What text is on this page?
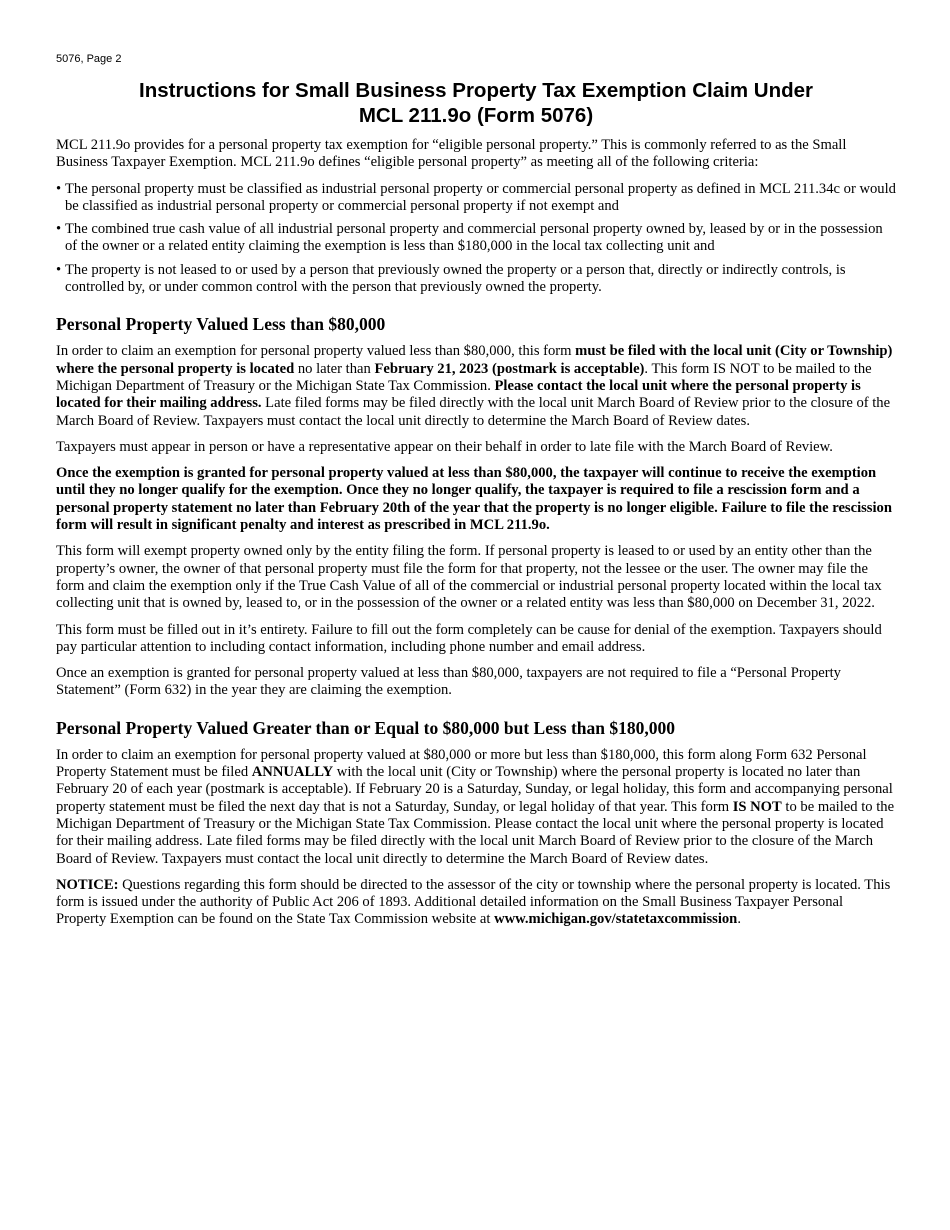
5076, Page 2

Instructions for Small Business Property Tax Exemption Claim Under
MCL 211.9o (Form 5076)

MCL 211.9o provides for a personal property tax exemption for “eligible personal property.” This is commonly referred to as the Small Business Taxpayer Exemption. MCL 211.9o defines “eligible personal property” as meeting all of the following criteria:

• The personal property must be classified as industrial personal property or commercial personal property as defined in MCL 211.34c or would be classified as industrial personal property or commercial personal property if not exempt and
• The combined true cash value of all industrial personal property and commercial personal property owned by, leased by or in the possession of the owner or a related entity claiming the exemption is less than $180,000 in the local tax collecting unit and
• The property is not leased to or used by a person that previously owned the property or a person that, directly or indirectly controls, is controlled by, or under common control with the person that previously owned the property.
Personal Property Valued Less than $80,000

In order to claim an exemption for personal property valued less than $80,000, this form must be filed with the local unit (City or Township) where the personal property is located no later than February 21, 2023 (postmark is acceptable). This form IS NOT to be mailed to the Michigan Department of Treasury or the Michigan State Tax Commission. Please contact the local unit where the personal property is located for their mailing address. Late filed forms may be filed directly with the local unit March Board of Review prior to the closure of the March Board of Review. Taxpayers must contact the local unit directly to determine the March Board of Review dates.

Taxpayers must appear in person or have a representative appear on their behalf in order to late file with the March Board of Review.

Once the exemption is granted for personal property valued at less than $80,000, the taxpayer will continue to receive the exemption until they no longer qualify for the exemption. Once they no longer qualify, the taxpayer is required to file a rescission form and a personal property statement no later than February 20th of the year that the property is no longer eligible. Failure to file the rescission form will result in significant penalty and interest as prescribed in MCL 211.9o.

This form will exempt property owned only by the entity filing the form. If personal property is leased to or used by an entity other than the property’s owner, the owner of that personal property must file the form for that property, not the lessee or the user. The owner may file the form and claim the exemption only if the True Cash Value of all of the commercial or industrial personal property located within the local tax collecting unit that is owned by, leased to, or in the possession of the owner or a related entity was less than $80,000 on December 31, 2022.

This form must be filled out in it’s entirety. Failure to fill out the form completely can be cause for denial of the exemption. Taxpayers should pay particular attention to including contact information, including phone number and email address.

Once an exemption is granted for personal property valued at less than $80,000, taxpayers are not required to file a “Personal Property Statement” (Form 632) in the year they are claiming the exemption.

Personal Property Valued Greater than or Equal to $80,000 but Less than $180,000

In order to claim an exemption for personal property valued at $80,000 or more but less than $180,000, this form along Form 632 Personal Property Statement must be filed ANNUALLY with the local unit (City or Township) where the personal property is located no later than February 20 of each year (postmark is acceptable). If February 20 is a Saturday, Sunday, or legal holiday, this form and accompanying personal property statement must be filed the next day that is not a Saturday, Sunday, or legal holiday of that year. This form IS NOT to be mailed to the Michigan Department of Treasury or the Michigan State Tax Commission. Please contact the local unit where the personal property is located for their mailing address. Late filed forms may be filed directly with the local unit March Board of Review prior to the closure of the March Board of Review. Taxpayers must contact the local unit directly to determine the March Board of Review dates.

NOTICE: Questions regarding this form should be directed to the assessor of the city or township where the personal property is located. This form is issued under the authority of Public Act 206 of 1893. Additional detailed information on the Small Business Taxpayer Personal Property Exemption can be found on the State Tax Commission website at www.michigan.gov/statetaxcommission.
